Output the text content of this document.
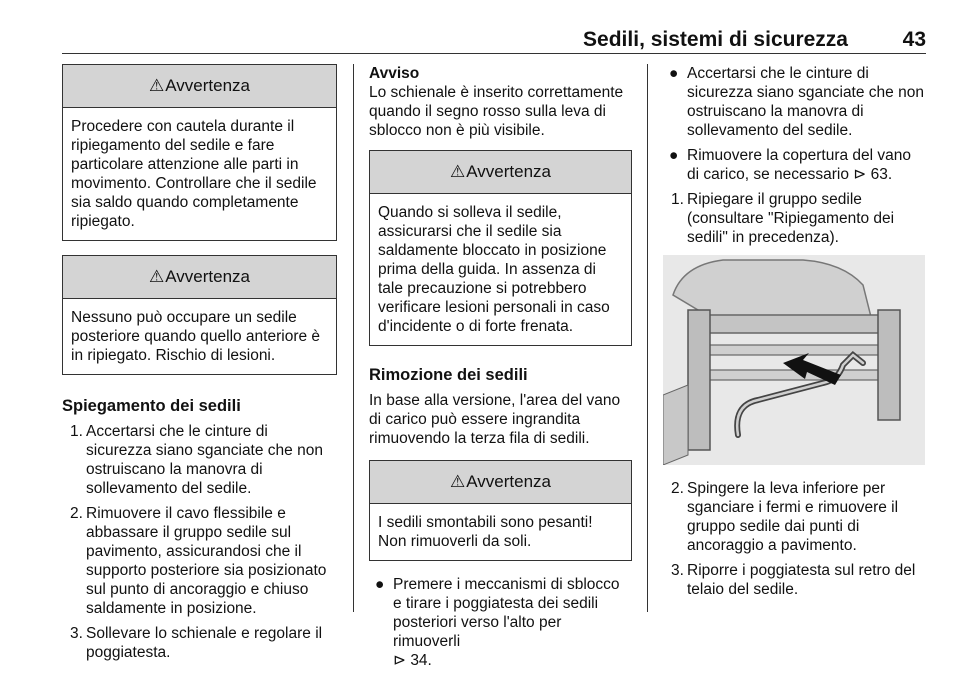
Sedili, sistemi di sicurezza	43
⚠Avvertenza
Procedere con cautela durante il ripiegamento del sedile e fare particolare attenzione alle parti in movimento. Controllare che il sedile sia saldo quando completamente ripiegato.
⚠Avvertenza
Nessuno può occupare un sedile posteriore quando quello anteriore è in ripiegato. Rischio di lesioni.
Spiegamento dei sedili
1. Accertarsi che le cinture di sicurezza siano sganciate che non ostruiscano la manovra di sollevamento del sedile.
2. Rimuovere il cavo flessibile e abbassare il gruppo sedile sul pavimento, assicurandosi che il supporto posteriore sia posizionato sul punto di ancoraggio e chiuso saldamente in posizione.
3. Sollevare lo schienale e regolare il poggiatesta.
Avviso

Lo schienale è inserito correttamente quando il segno rosso sulla leva di sblocco non è più visibile.

⚠Avvertenza
Quando si solleva il sedile, assicurarsi che il sedile sia saldamente bloccato in posizione prima della guida. In assenza di tale precauzione si potrebbero verificare lesioni personali in caso d'incidente o di forte frenata.
Rimozione dei sedili

In base alla versione, l'area del vano di carico può essere ingrandita rimuovendo la terza fila di sedili.

⚠Avvertenza
I sedili smontabili sono pesanti! Non rimuoverli da soli.
● Premere i meccanismi di sblocco e tirare i poggiatesta dei sedili posteriori verso l'alto per rimuoverli
⊳ 34.
● Accertarsi che le cinture di sicurezza siano sganciate che non ostruiscano la manovra di sollevamento del sedile.
● Rimuovere la copertura del vano di carico, se necessario ⊳ 63.
1. Ripiegare il gruppo sedile (consultare "Ripiegamento dei sedili" in precedenza).
2. Spingere la leva inferiore per sganciare i fermi e rimuovere il gruppo sedile dai punti di ancoraggio a pavimento.
3. Riporre i poggiatesta sul retro del telaio del sedile.
